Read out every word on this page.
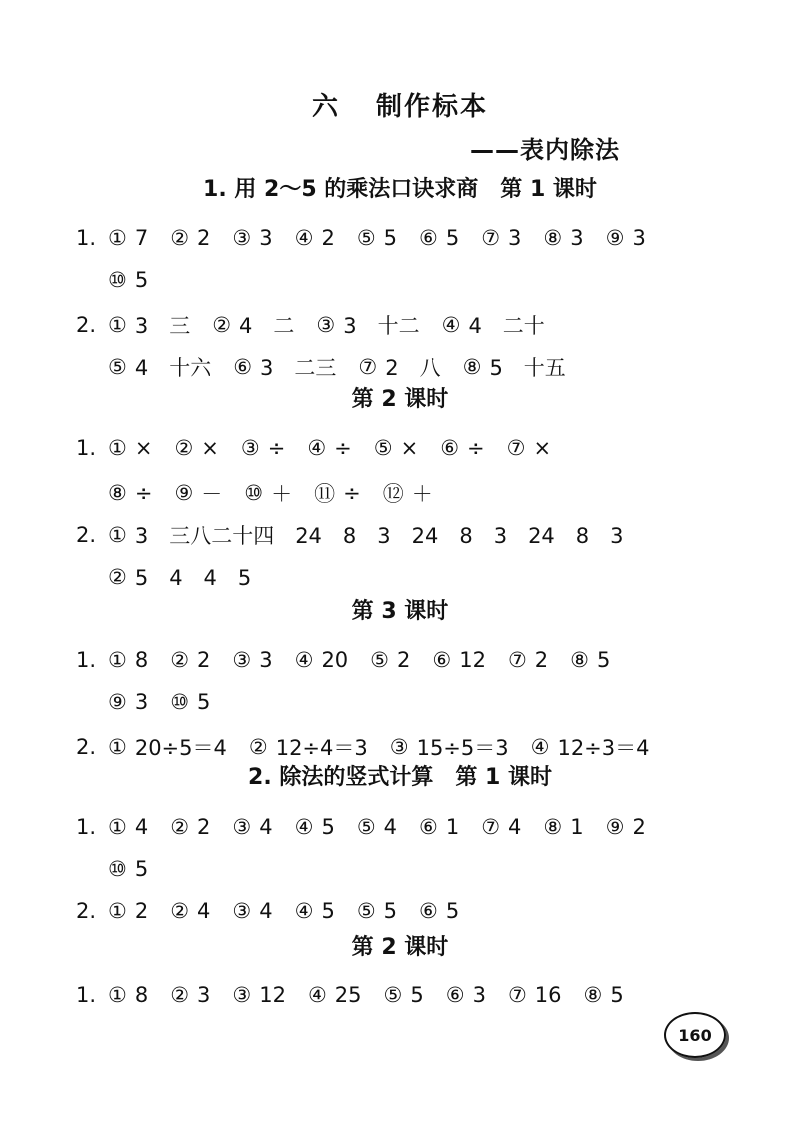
六 制作标本
——表内除法
1. 用 2～5 的乘法口诀求商　第 1 课时
1. ① 7 ② 2 ③ 3 ④ 2 ⑤ 5 ⑥ 5 ⑦ 3 ⑧ 3 ⑨ 3
⑩ 5
2. ① 3　三 ② 4　二 ③ 3　十二 ④ 4　二十
⑤ 4　十六 ⑥ 3　二三 ⑦ 2　八 ⑧ 5　十五
第 2 课时
1. ① × ② × ③ ÷ ④ ÷ ⑤ × ⑥ ÷ ⑦ ×
⑧ ÷ ⑨ － ⑩ ＋ ⑪ ÷ ⑫ ＋
2. ① 3　三八二十四　24　8　3　24　8　3　24　8　3
② 5　4　4　5
第 3 课时
1. ① 8 ② 2 ③ 3 ④ 20 ⑤ 2 ⑥ 12 ⑦ 2 ⑧ 5
⑨ 3 ⑩ 5
2. ① 20÷5＝4 ② 12÷4＝3 ③ 15÷5＝3 ④ 12÷3＝4
2. 除法的竖式计算　第 1 课时
1. ① 4 ② 2 ③ 4 ④ 5 ⑤ 4 ⑥ 1 ⑦ 4 ⑧ 1 ⑨ 2
⑩ 5
2. ① 2 ② 4 ③ 4 ④ 5 ⑤ 5 ⑥ 5
第 2 课时
1. ① 8 ② 3 ③ 12 ④ 25 ⑤ 5 ⑥ 3 ⑦ 16 ⑧ 5
160
